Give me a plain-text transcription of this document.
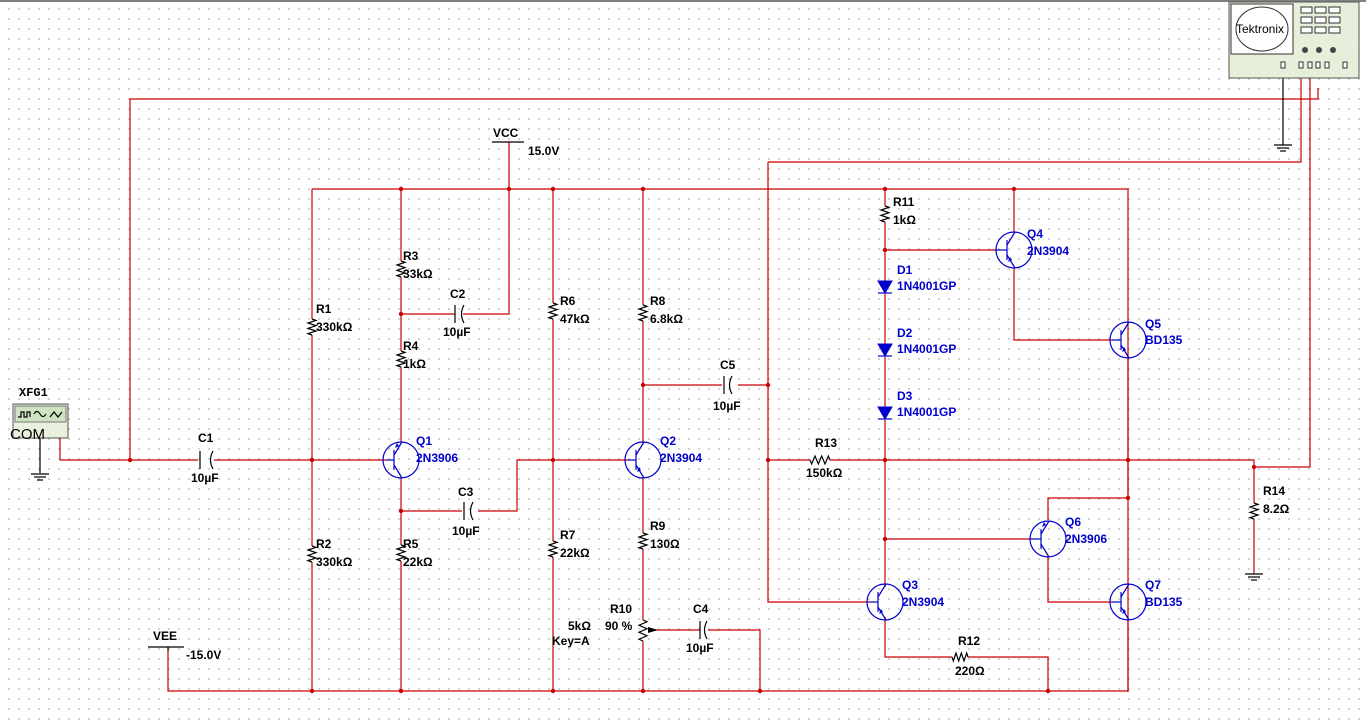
Tektronix
VCC
15.0V
VEE
-15.0V
XFG1
COM
R1
330kΩ
R2
330kΩ
R3
33kΩ
R4
1kΩ
R5
22kΩ
R6
47kΩ
R7
22kΩ
R8
6.8kΩ
R9
130Ω
R10
5kΩ 90 %
Key=A
R11
1kΩ
R12
220Ω
R13
150kΩ
R14
8.2Ω
C1
10µF
C2
10µF
C3
10µF
C4
10µF
C5
10µF
Q1
2N3906
Q2
2N3904
Q3
2N3904
Q4
2N3904
Q5
BD135
Q6
2N3906
Q7
BD135
D1
1N4001GP
D2
1N4001GP
D3
1N4001GP
